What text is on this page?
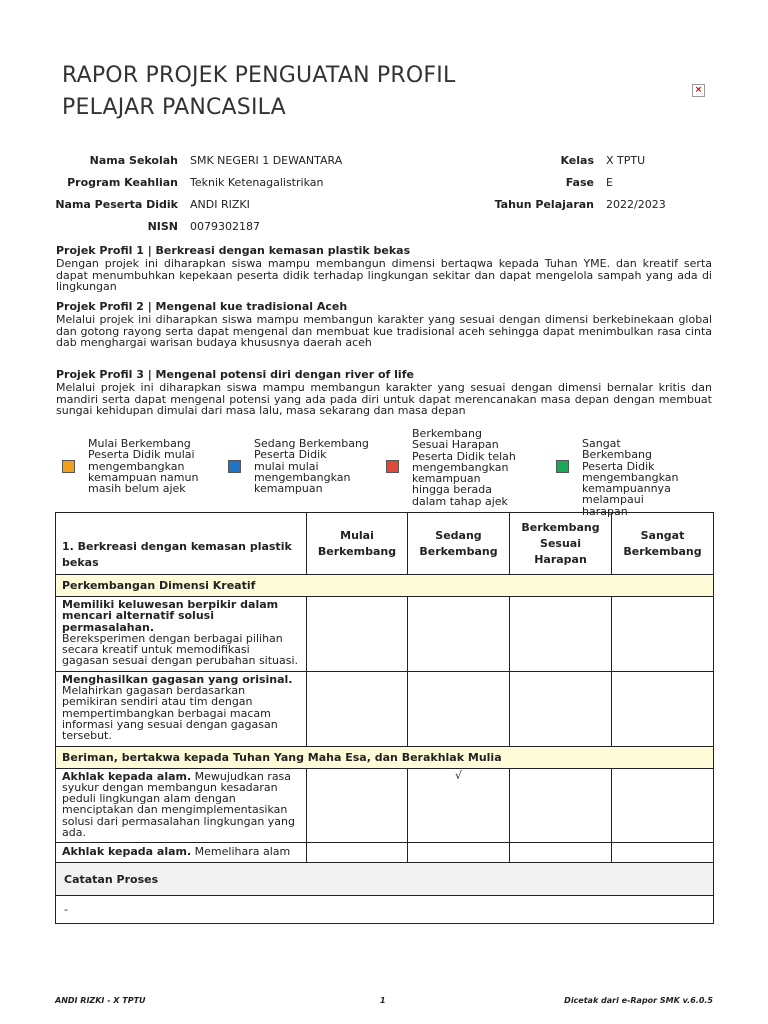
RAPOR PROJEK PENGUATAN PROFIL
PELAJAR PANCASILA
×
Nama Sekolah SMK NEGERI 1 DEWANTARA
Program Keahlian Teknik Ketenagalistrikan
Nama Peserta Didik ANDI RIZKI
NISN 0079302187
Kelas X TPTU
Fase E
Tahun Pelajaran 2022/2023
Projek Profil 1 | Berkreasi dengan kemasan plastik bekas
Dengan projek ini diharapkan siswa mampu membangun dimensi bertaqwa kepada Tuhan YME. dan kreatif serta dapat menumbuhkan kepekaan peserta didik terhadap lingkungan sekitar dan dapat mengelola sampah yang ada di lingkungan
Projek Profil 2 | Mengenal kue tradisional Aceh
Melalui projek ini diharapkan siswa mampu membangun karakter yang sesuai dengan dimensi berkebinekaan global dan gotong rayong serta dapat mengenal dan membuat kue tradisional aceh sehingga dapat menimbulkan rasa cinta dab menghargai warisan budaya khususnya daerah aceh
Projek Profil 3 | Mengenal potensi diri dengan river of life
Melalui projek ini diharapkan siswa mampu membangun karakter yang sesuai dengan dimensi bernalar kritis dan mandiri serta dapat mengenal potensi yang ada pada diri untuk dapat merencanakan masa depan dengan membuat sungai kehidupan dimulai dari masa lalu, masa sekarang dan masa depan
Mulai Berkembang
Peserta Didik mulai mengembangkan kemampuan namun masih belum ajek
Sedang Berkembang
Peserta Didik mulai mulai mengembangkan kemampuan
Berkembang Sesuai Harapan
Peserta Didik telah mengembangkan kemampuan hingga berada dalam tahap ajek
Sangat Berkembang
Peserta Didik mengembangkan kemampuannya melampaui harapan
1. Berkreasi dengan kemasan plastik bekas	Mulai Berkembang	Sedang Berkembang	Berkembang Sesuai Harapan	Sangat Berkembang
Perkembangan Dimensi Kreatif				

Memiliki keluwesan berpikir dalam mencari alternatif solusi permasalahan.
Bereksperimen dengan berbagai pilihan secara kreatif untuk memodifikasi gagasan sesuai dengan perubahan situasi.				

Menghasilkan gagasan yang orisinal.
Melahirkan gagasan berdasarkan pemikiran sendiri atau tim dengan mempertimbangkan berbagai macam informasi yang sesuai dengan gagasan tersebut.				

Beriman, bertakwa kepada Tuhan Yang Maha Esa, dan Berakhlak Mulia				
Akhlak kepada alam. Mewujudkan rasa syukur dengan membangun kesadaran peduli lingkungan alam dengan menciptakan dan mengimplementasikan solusi dari permasalahan lingkungan yang ada.		√		
Akhlak kepada alam. Memelihara alam				
Catatan Proses				
-				
ANDI RIZKI - X TPTU	1	Dicetak dari e-Rapor SMK v.6.0.5
